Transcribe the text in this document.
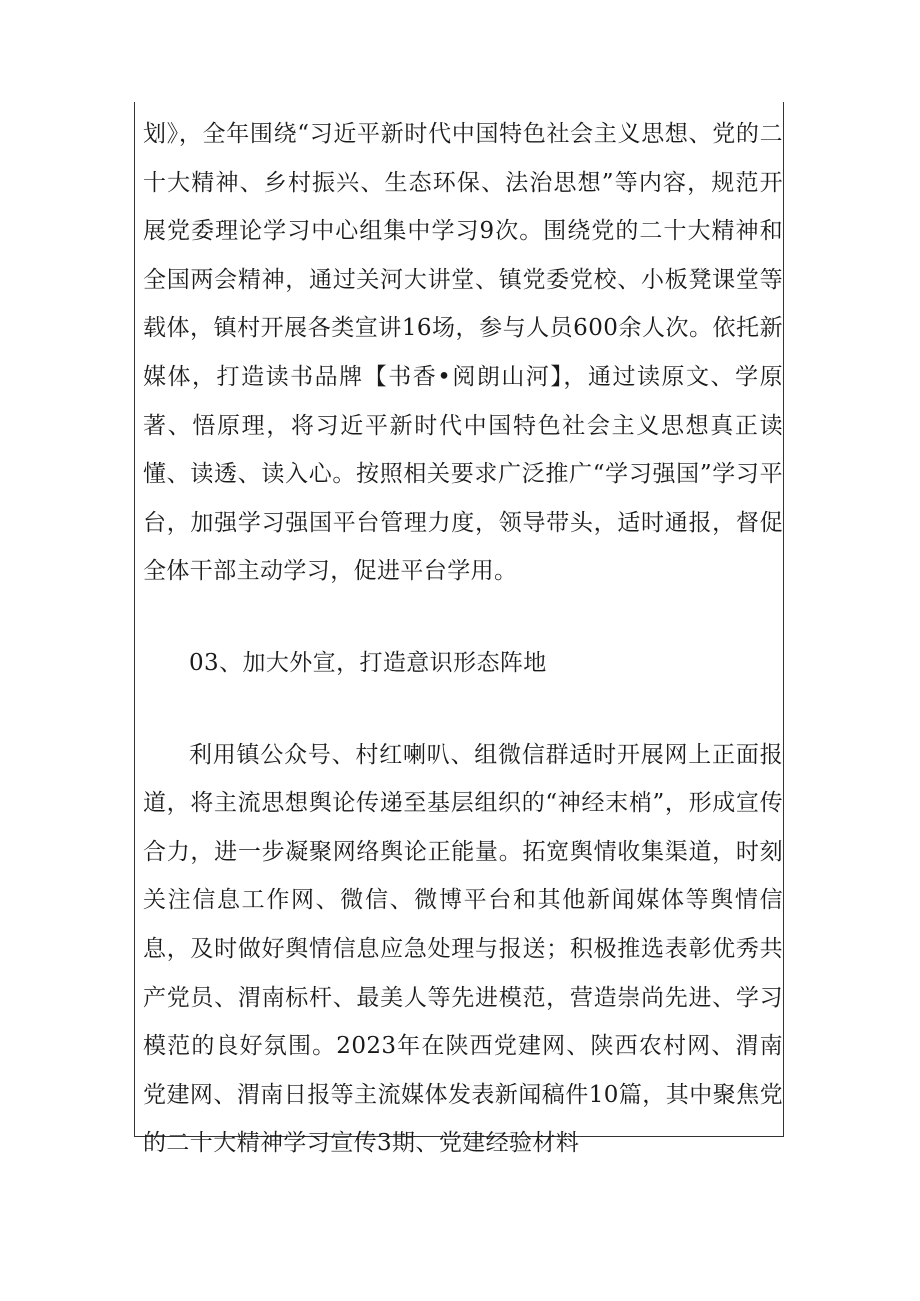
划》，全年围绕“习近平新时代中国特色社会主义思想、党的二十大精神、乡村振兴、生态环保、法治思想”等内容，规范开展党委理论学习中心组集中学习9次。围绕党的二十大精神和全国两会精神，通过关河大讲堂、镇党委党校、小板凳课堂等载体，镇村开展各类宣讲16场，参与人员600余人次。依托新媒体，打造读书品牌【书香•阅朗山河】，通过读原文、学原著、悟原理，将习近平新时代中国特色社会主义思想真正读懂、读透、读入心。按照相关要求广泛推广“学习强国”学习平台，加强学习强国平台管理力度，领导带头，适时通报，督促全体干部主动学习，促进平台学用。

03、加大外宣，打造意识形态阵地

利用镇公众号、村红喇叭、组微信群适时开展网上正面报道，将主流思想舆论传递至基层组织的“神经末梢”，形成宣传合力，进一步凝聚网络舆论正能量。拓宽舆情收集渠道，时刻关注信息工作网、微信、微博平台和其他新闻媒体等舆情信息，及时做好舆情信息应急处理与报送；积极推选表彰优秀共产党员、渭南标杆、最美人等先进模范，营造崇尚先进、学习模范的良好氛围。2023年在陕西党建网、陕西农村网、渭南党建网、渭南日报等主流媒体发表新闻稿件10篇，其中聚焦党的二十大精神学习宣传3期、党建经验材料
